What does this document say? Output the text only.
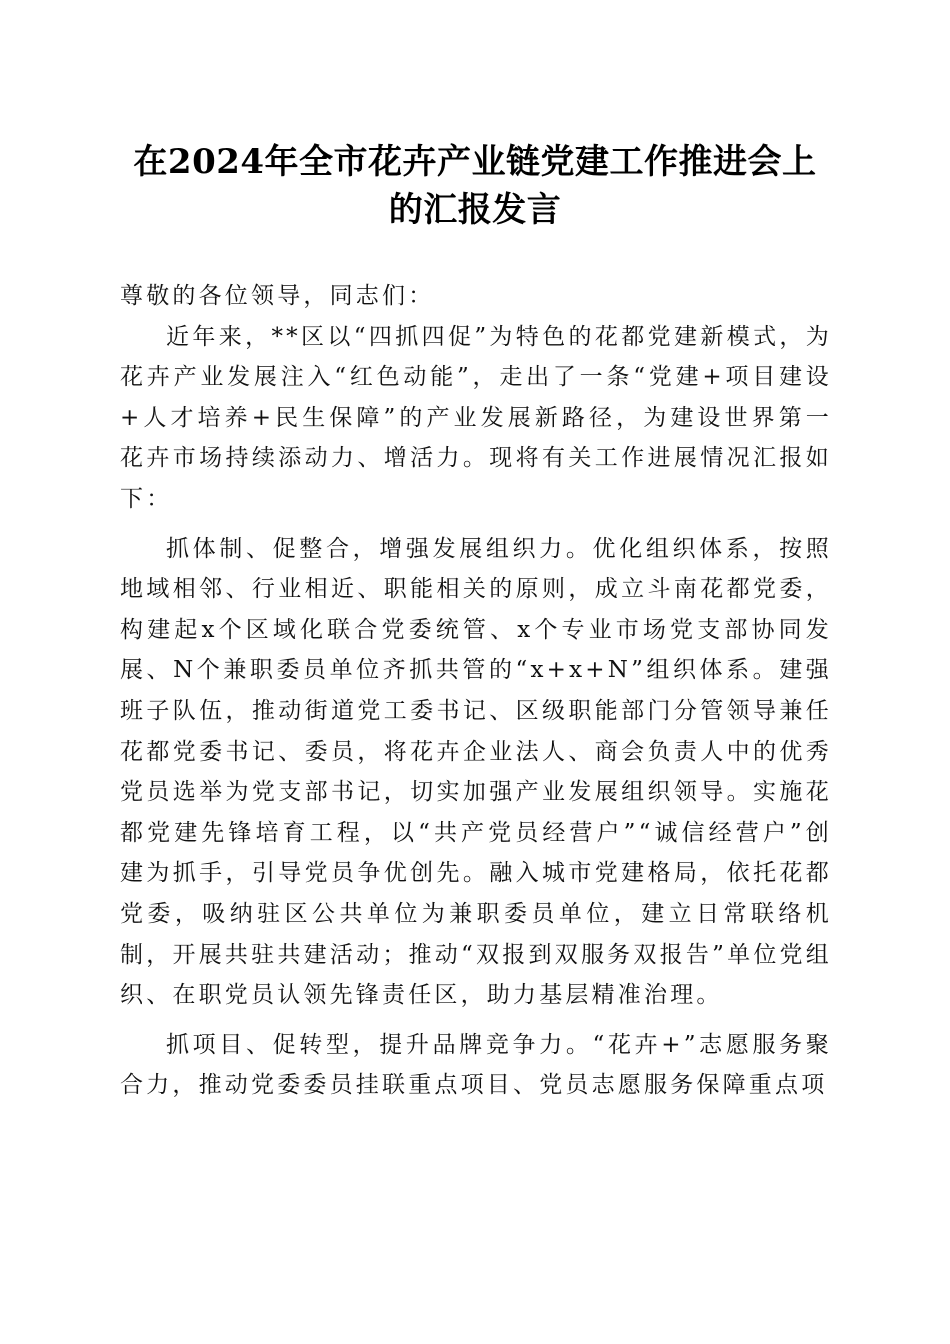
在2024年全市花卉产业链党建工作推进会上
的汇报发言

尊敬的各位领导，同志们：

近年来，**区以“四抓四促”为特色的花都党建新模式，为花卉产业发展注入“红色动能”，走出了一条“党建+项目建设+人才培养+民生保障”的产业发展新路径，为建设世界第一花卉市场持续添动力、增活力。现将有关工作进展情况汇报如下：

抓体制、促整合，增强发展组织力。优化组织体系，按照地域相邻、行业相近、职能相关的原则，成立斗南花都党委，构建起x个区域化联合党委统管、x个专业市场党支部协同发展、N个兼职委员单位齐抓共管的“x+x+N”组织体系。建强班子队伍，推动街道党工委书记、区级职能部门分管领导兼任花都党委书记、委员，将花卉企业法人、商会负责人中的优秀党员选举为党支部书记，切实加强产业发展组织领导。实施花都党建先锋培育工程，以“共产党员经营户”“诚信经营户”创建为抓手，引导党员争优创先。融入城市党建格局，依托花都党委，吸纳驻区公共单位为兼职委员单位，建立日常联络机制，开展共驻共建活动；推动“双报到双服务双报告”单位党组织、在职党员认领先锋责任区，助力基层精准治理。

抓项目、促转型，提升品牌竞争力。“花卉+”志愿服务聚合力，推动党委委员挂联重点项目、党员志愿服务保障重点项
